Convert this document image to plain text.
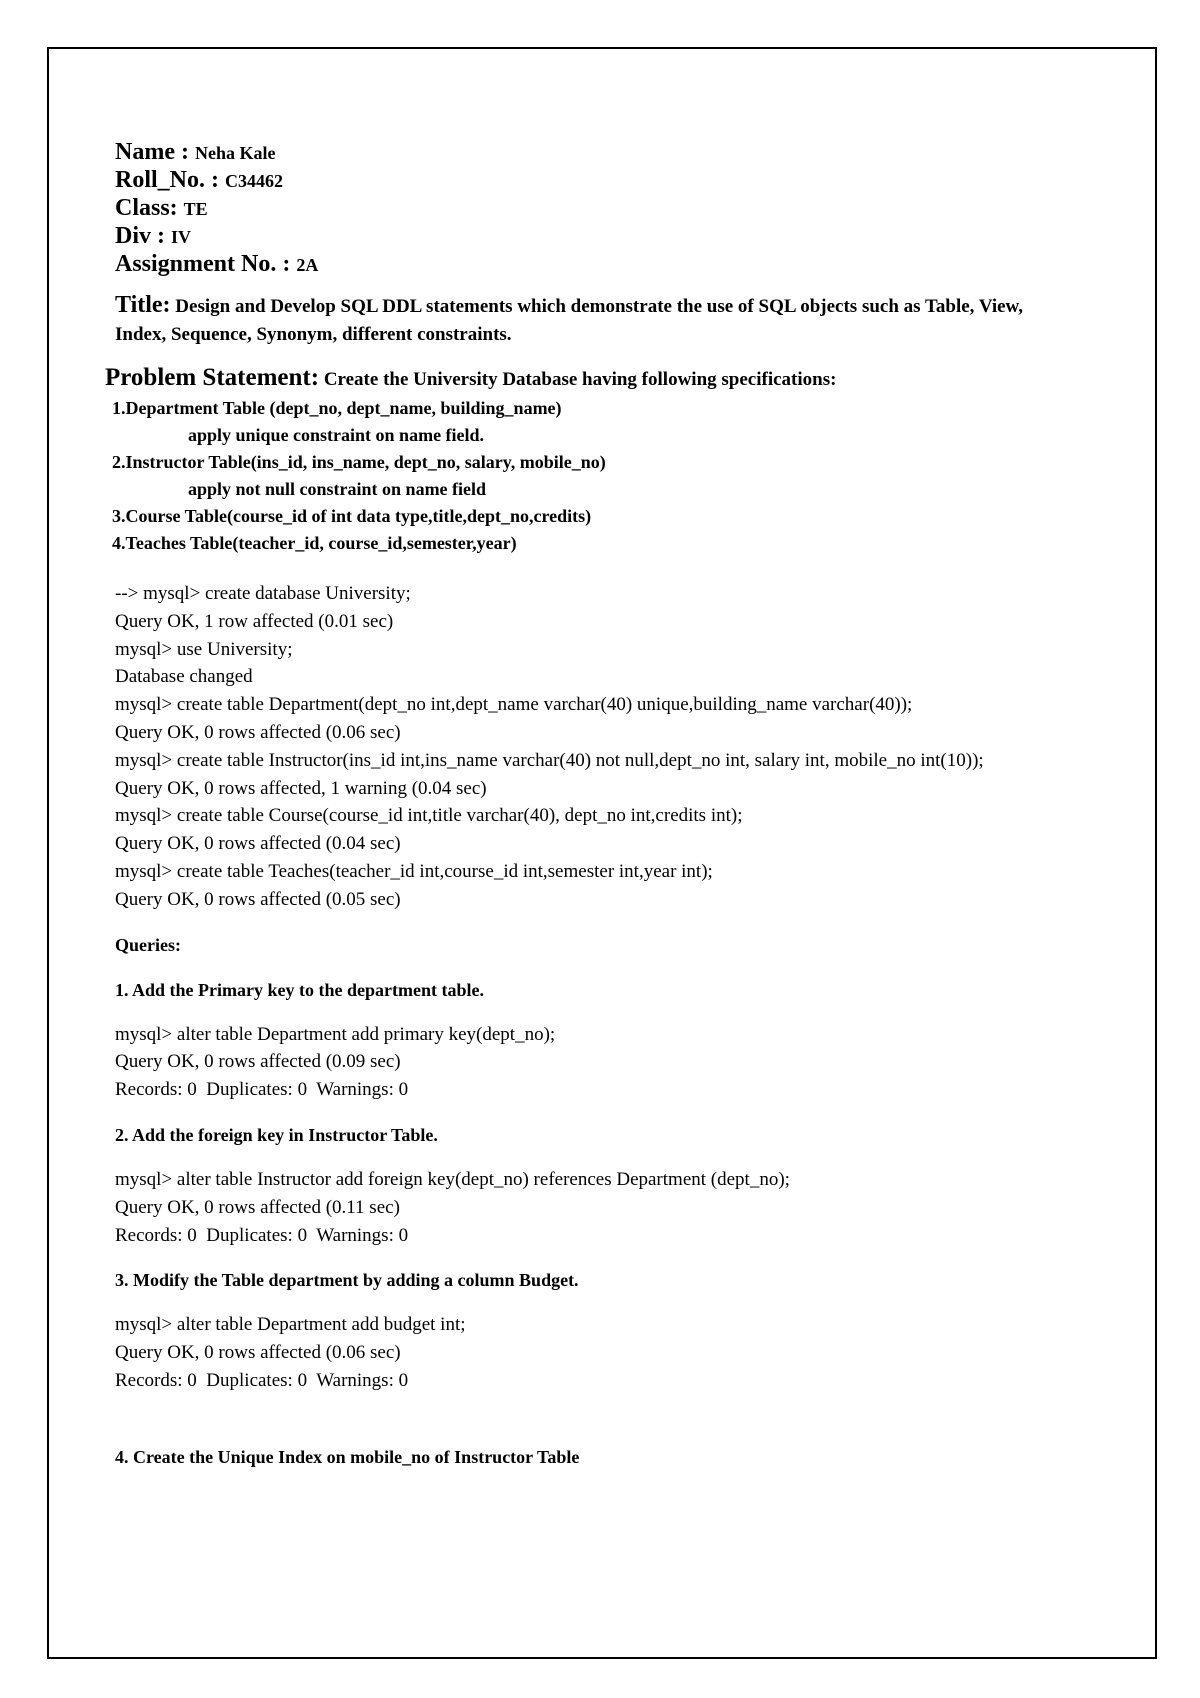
Name : Neha Kale
Roll_No. : C34462
Class: TE
Div : IV
Assignment No. : 2A
Title: Design and Develop SQL DDL statements which demonstrate the use of SQL objects such as Table, View, Index, Sequence, Synonym, different constraints.
Problem Statement: Create the University Database having following specifications:
1.Department Table (dept_no, dept_name, building_name)
apply unique constraint on name field.
2.Instructor Table(ins_id, ins_name, dept_no, salary, mobile_no)
apply not null constraint on name field
3.Course Table(course_id of int data type,title,dept_no,credits)
4.Teaches Table(teacher_id, course_id,semester,year)
--> mysql> create database University;
Query OK, 1 row affected (0.01 sec)
mysql> use University;
Database changed
mysql> create table Department(dept_no int,dept_name varchar(40) unique,building_name varchar(40));
Query OK, 0 rows affected (0.06 sec)
mysql> create table Instructor(ins_id int,ins_name varchar(40) not null,dept_no int, salary int, mobile_no int(10));
Query OK, 0 rows affected, 1 warning (0.04 sec)
mysql> create table Course(course_id int,title varchar(40), dept_no int,credits int);
Query OK, 0 rows affected (0.04 sec)
mysql> create table Teaches(teacher_id int,course_id int,semester int,year int);
Query OK, 0 rows affected (0.05 sec)
Queries:
1. Add the Primary key to the department table.
mysql> alter table Department add primary key(dept_no);
Query OK, 0 rows affected (0.09 sec)
Records: 0  Duplicates: 0  Warnings: 0
2. Add the foreign key in Instructor Table.
mysql> alter table Instructor add foreign key(dept_no) references Department (dept_no);
Query OK, 0 rows affected (0.11 sec)
Records: 0  Duplicates: 0  Warnings: 0
3. Modify the Table department by adding a column Budget.
mysql> alter table Department add budget int;
Query OK, 0 rows affected (0.06 sec)
Records: 0  Duplicates: 0  Warnings: 0
4. Create the Unique Index on mobile_no of Instructor Table
